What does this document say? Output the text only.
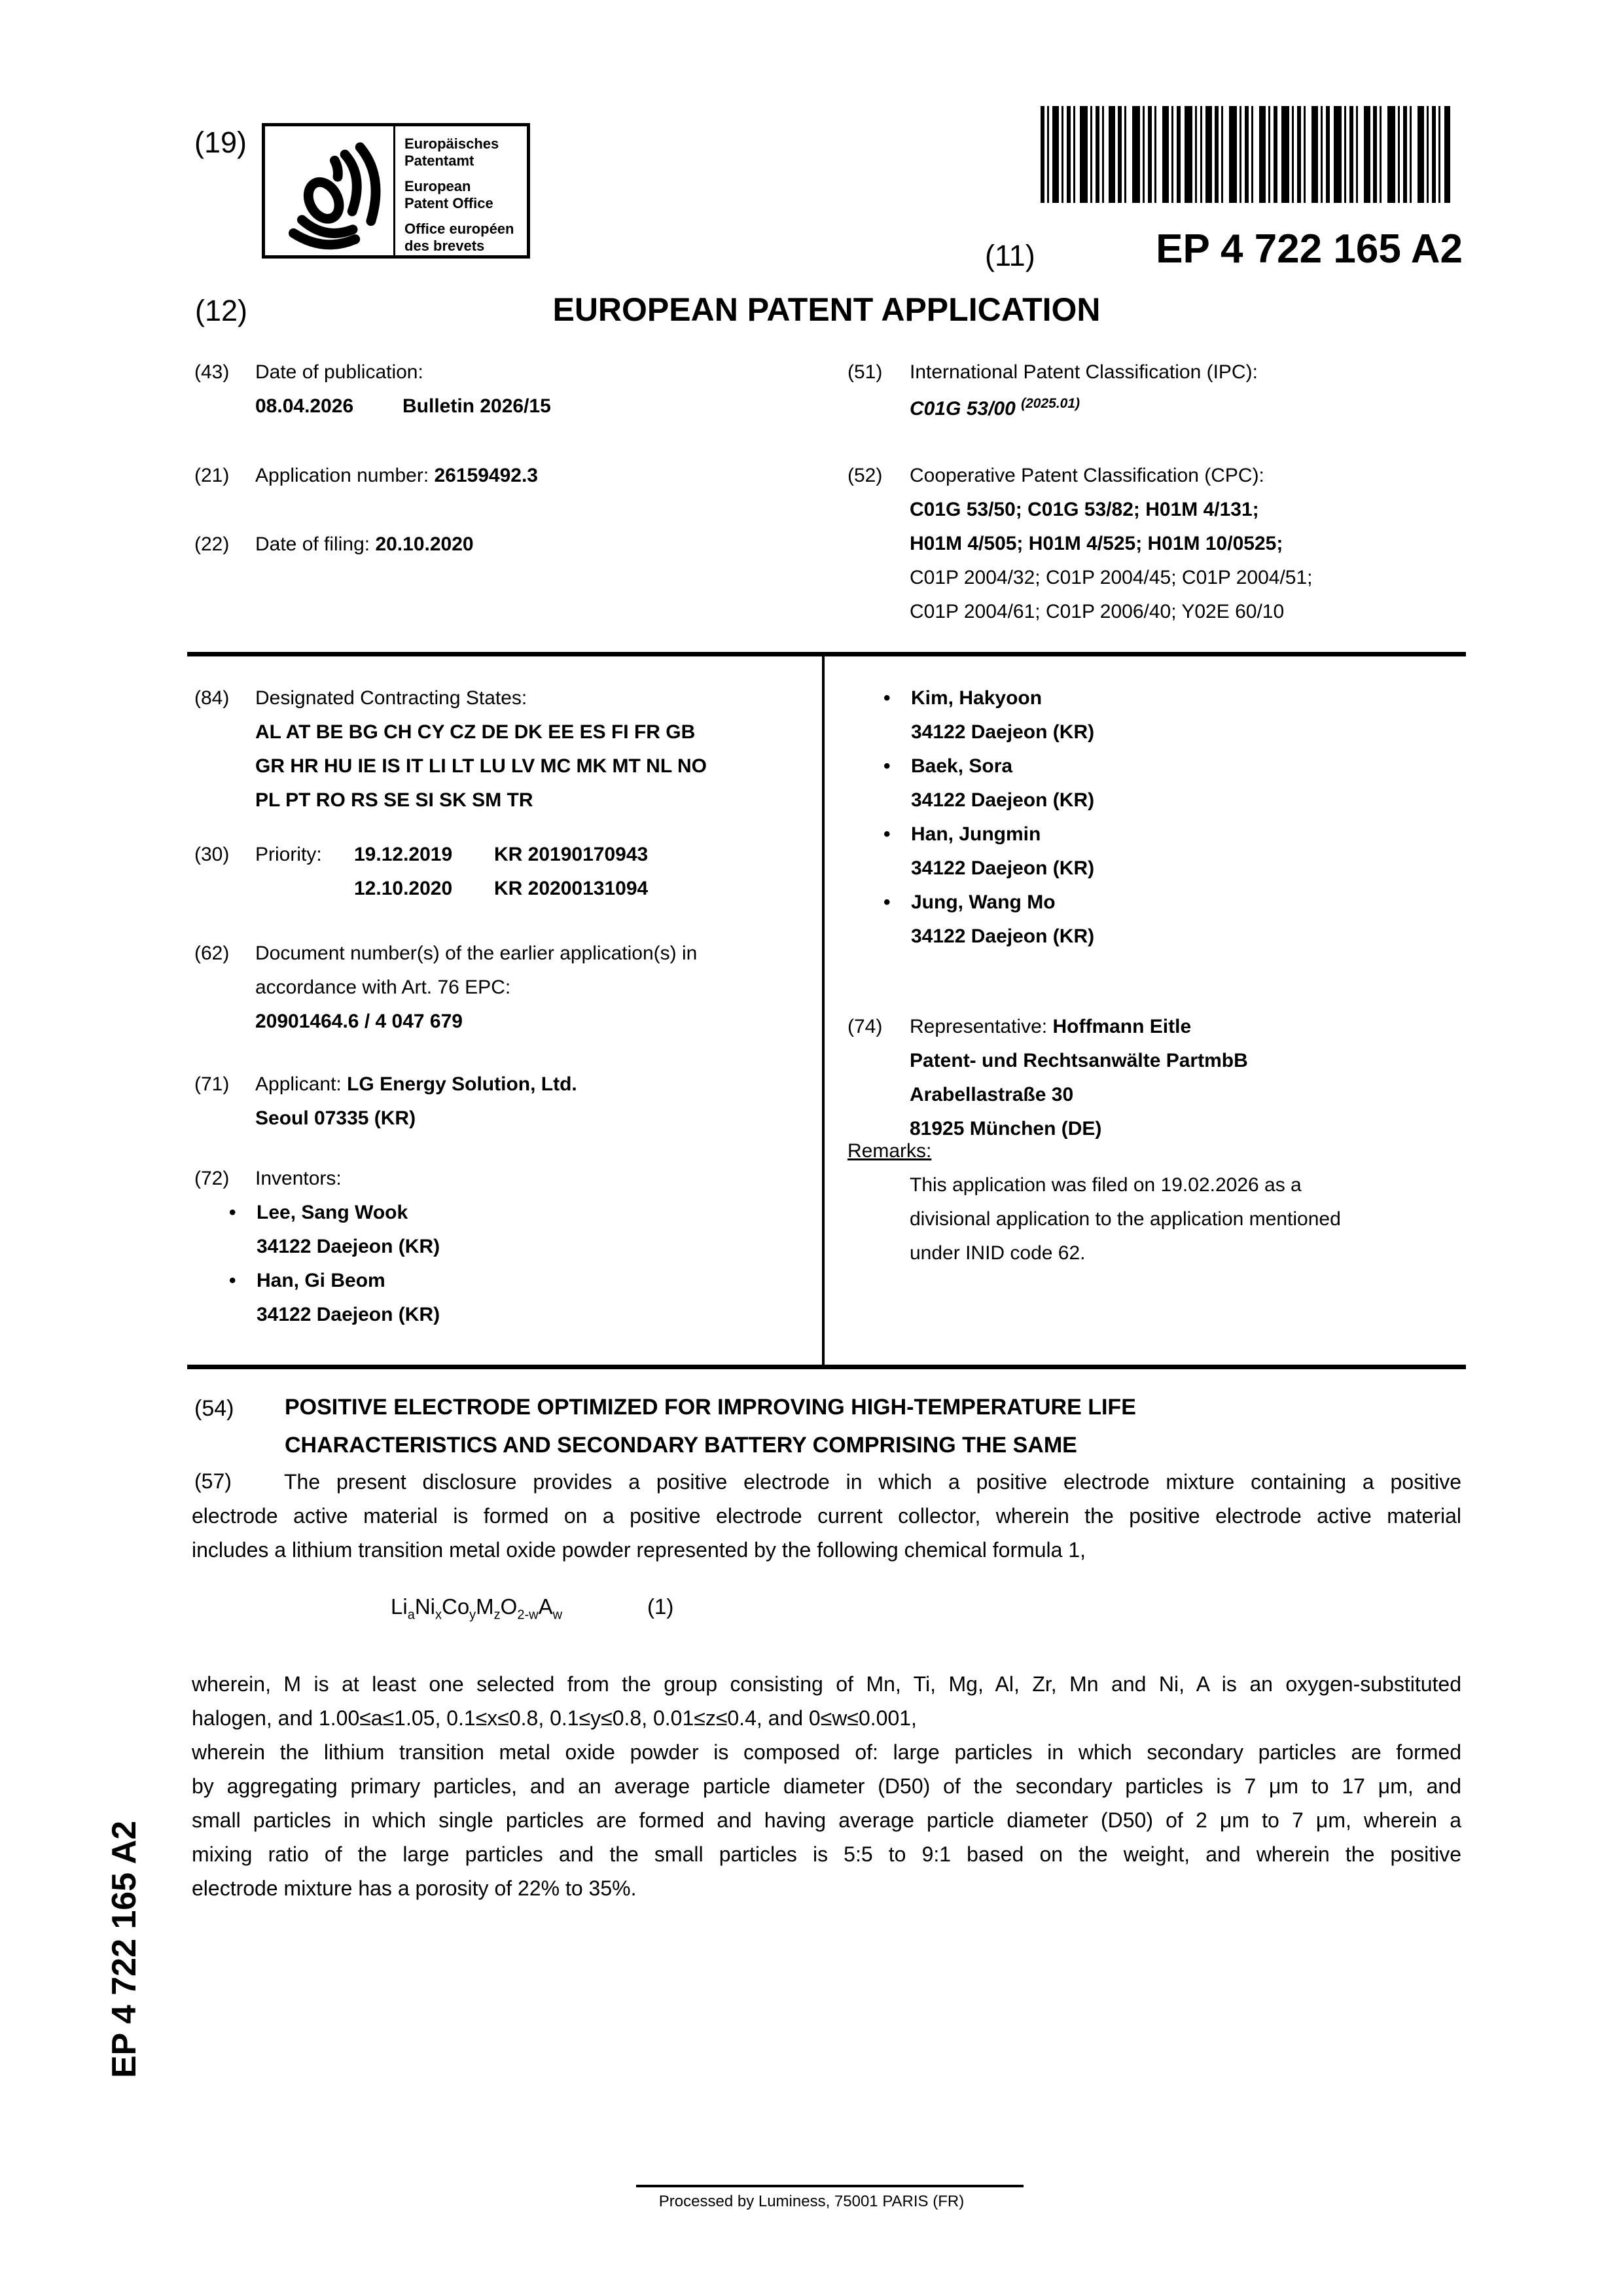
(19)	Europäisches
Patentamt
European
Patent Office
Office européen
des brevets	(11)	EP 4 722 165 A2
(12)	EUROPEAN PATENT APPLICATION
(43) Date of publication:
08.04.2026 Bulletin 2026/15
(21) Application number: 26159492.3
(22) Date of filing: 20.10.2020
(51) International Patent Classification (IPC):
C01G 53/00 $^{(2025.01)}$
(52) Cooperative Patent Classification (CPC):
C01G 53/50; C01G 53/82; H01M 4/131;
H01M 4/505; H01M 4/525; H01M 10/0525;
C01P 2004/32; C01P 2004/45; C01P 2004/51;
C01P 2004/61; C01P 2006/40; Y02E 60/10
(84) Designated Contracting States:
AL AT BE BG CH CY CZ DE DK EE ES FI FR GB
GR HR HU IE IS IT LI LT LU LV MC MK MT NL NO
PL PT RO RS SE SI SK SM TR
(30) Priority: 19.12.2019 KR 20190170943
12.10.2020 KR 20200131094
(62) Document number(s) of the earlier application(s) in
accordance with Art. 76 EPC:
20901464.6 / 4 047 679
(71) Applicant: LG Energy Solution, Ltd.
Seoul 07335 (KR)
(72) Inventors:
• Lee, Sang Wook
34122 Daejeon (KR)
• Han, Gi Beom
34122 Daejeon (KR)
• Kim, Hakyoon
34122 Daejeon (KR)
• Baek, Sora
34122 Daejeon (KR)
• Han, Jungmin
34122 Daejeon (KR)
• Jung, Wang Mo
34122 Daejeon (KR)
(74) Representative: Hoffmann Eitle
Patent- und Rechtsanwälte PartmbB
Arabellastraße 30
81925 München (DE)
Remarks:
This application was filed on 19.02.2026 as a
divisional application to the application mentioned
under INID code 62.
(54) POSITIVE ELECTRODE OPTIMIZED FOR IMPROVING HIGH-TEMPERATURE LIFE
CHARACTERISTICS AND SECONDARY BATTERY COMPRISING THE SAME
(57)	The present disclosure provides a positive electrode in which a positive electrode mixture containing a positive
electrode active material is formed on a positive electrode current collector, wherein the positive electrode active material
includes a lithium transition metal oxide powder represented by the following chemical formula 1,
$Li_aNi_xCo_yM_zO_{2-w}A_w$	(1)
wherein, M is at least one selected from the group consisting of Mn, Ti, Mg, Al, Zr, Mn and Ni, A is an oxygen-substituted
halogen, and 1.00≤a≤1.05, 0.1≤x≤0.8, 0.1≤y≤0.8, 0.01≤z≤0.4, and 0≤w≤0.001,
wherein the lithium transition metal oxide powder is composed of: large particles in which secondary particles are formed
by aggregating primary particles, and an average particle diameter (D50) of the secondary particles is 7 μm to 17 μm, and
small particles in which single particles are formed and having average particle diameter (D50) of 2 μm to 7 μm, wherein a
mixing ratio of the large particles and the small particles is 5:5 to 9:1 based on the weight, and wherein the positive
electrode mixture has a porosity of 22% to 35%.
EP 4 722 165 A2
Processed by Luminess, 75001 PARIS (FR)
